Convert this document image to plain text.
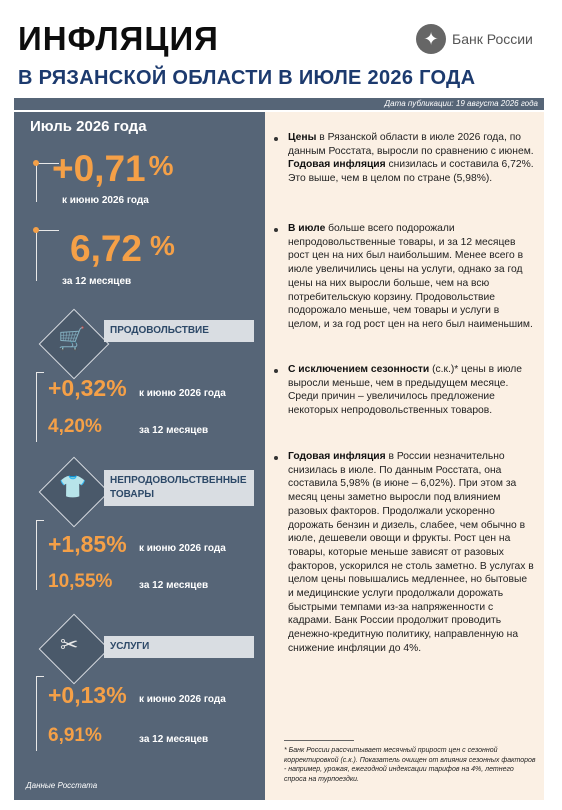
ИНФЛЯЦИЯ
В РЯЗАНСКОЙ ОБЛАСТИ В ИЮЛЕ 2026 ГОДА
✦ Банк России
Дата публикации: 19 августа 2026 года
Июль 2026 года
+0,71 %
к июню 2026 года
6,72 %
за 12 месяцев
🛒	ПРОДОВОЛЬСТВИЕ
+0,32% к июню 2026 года
4,20%	за 12 месяцев
👕	НЕПРОДОВОЛЬСТВЕННЫЕ ТОВАРЫ
+1,85% к июню 2026 года
10,55%	за 12 месяцев
✂	УСЛУГИ
+0,13% к июню 2026 года
6,91%	за 12 месяцев
Данные Росстата
Цены в Рязанской области в июле 2026 года, по данным Росстата, выросли по сравнению с июнем. Годовая инфляция снизилась и составила 6,72%. Это выше, чем в целом по стране (5,98%).
В июле больше всего подорожали непродовольственные товары, и за 12 месяцев рост цен на них был наибольшим. Менее всего в июле увеличились цены на услуги, однако за год цены на них выросли больше, чем на всю потребительскую корзину. Продовольствие подорожало меньше, чем товары и услуги в целом, и за год рост цен на него был наименьшим.
С исключением сезонности (с.к.)* цены в июле выросли меньше, чем в предыдущем месяце. Среди причин – увеличилось предложение некоторых непродовольственных товаров.
Годовая инфляция в России незначительно снизилась в июле. По данным Росстата, она составила 5,98% (в июне – 6,02%). При этом за месяц цены заметно выросли под влиянием разовых факторов. Продолжали ускоренно дорожать бензин и дизель, слабее, чем обычно в июле, дешевели овощи и фрукты. Рост цен на товары, которые меньше зависят от разовых факторов, ускорился не столь заметно. В услугах в целом цены повышались медленнее, но бытовые и медицинские услуги продолжали дорожать быстрыми темпами из-за напряженности с кадрами. Банк России продолжит проводить денежно-кредитную политику, направленную на снижение инфляции до 4%.
* Банк России рассчитывает месячный прирост цен с сезонной корректировкой (с.к.). Показатель очищен от влияния сезонных факторов - например, урожая, ежегодной индексации тарифов на 4%, летнего спроса на турпоездки.
